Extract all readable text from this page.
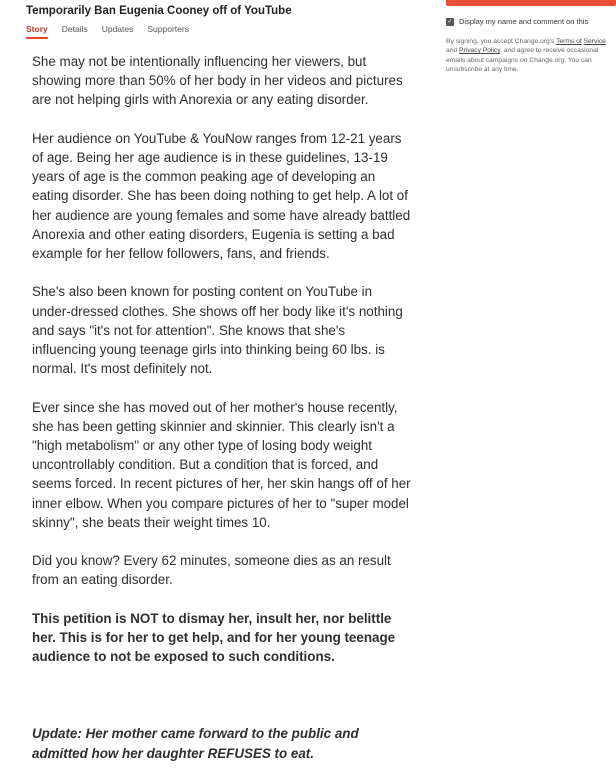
Temporarily Ban Eugenia Cooney off of YouTube
Story Details Updates Supporters

She may not be intentionally influencing her viewers, but showing more than 50% of her body in her videos and pictures are not helping girls with Anorexia or any eating disorder.

Her audience on YouTube & YouNow ranges from 12-21 years of age. Being her age audience is in these guidelines, 13-19 years of age is the common peaking age of developing an eating disorder. She has been doing nothing to get help. A lot of her audience are young females and some have already battled Anorexia and other eating disorders, Eugenia is setting a bad example for her fellow followers, fans, and friends.

She's also been known for posting content on YouTube in under-dressed clothes. She shows off her body like it's nothing and says "it's not for attention". She knows that she's influencing young teenage girls into thinking being 60 lbs. is normal. It's most definitely not.

Ever since she has moved out of her mother's house recently, she has been getting skinnier and skinnier. This clearly isn't a "high metabolism" or any other type of losing body weight uncontrollably condition. But a condition that is forced, and seems forced. In recent pictures of her, her skin hangs off of her inner elbow. When you compare pictures of her to "super model skinny", she beats their weight times 10.

Did you know? Every 62 minutes, someone dies as an result from an eating disorder.

This petition is NOT to dismay her, insult her, nor belittle her. This is for her to get help, and for her young teenage audience to not be exposed to such conditions.

Update: Her mother came forward to the public and admitted how her daughter REFUSES to eat.

✓ Display my name and comment on this
By signing, you accept Change.org's Terms of Service and Privacy Policy, and agree to receive occasional emails about campaigns on Change.org. You can unsubscribe at any time.
